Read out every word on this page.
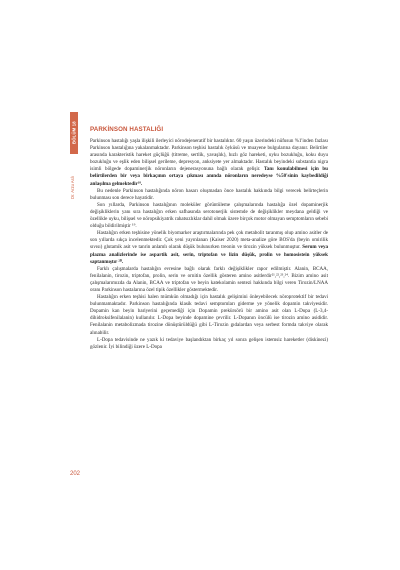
BÖLÜM 18
Dr. Arzu Aslı
PARKİNSON HASTALIĞI

Parkinson hastalığı yaşla ilişkili ilerleyici nörodejeneratif bir hastalıktır. 60 yaşın üzerindeki nüfusun %1'inden fazlası Parkinson hastalığına yakalanmaktadır. Parkinson teşhisi hastalık öyküsü ve muayene bulgularına dayanır. Belirtiler arasında karakteristik hareket güçlüğü (titreme, sertlik, yavaşlık), hızlı göz hareketi, uyku bozukluğu, koku duyu bozukluğu ve eşlik eden bilişsel gerileme, depresyon, anksiyete yer almaktadır. Hastalık beyindeki substantia nigra isimli bölgede dopaminerjik nöronların dejenerasyonuna bağlı olarak gelişir. Tanı konulabilmesi için bu belirtilerden bir veya birkaçının ortaya çıkması anında nöronların neredeyse %50'sinin kaybedildiği anlaşılma gelmektedir¹⁸.

Bu nedenle Parkinson hastalığında nöron hasarı oluşmadan önce hastalık hakkında bilgi verecek belirteçlerin bulunması son derece hayatidir.

Son yıllarda, Parkinson hastalığının moleküler görüntüleme çalışmalarında hastalığa özel dopaminerjik değişikliklerin yanı sıra hastalığın erken safhasında serotonerjik sistemde de değişiklikler meydana geldiği ve özellikle uyku, bilişsel ve nöropsikiyatrik rahatsızlıklar dahil olmak üzere birçok motor olmayan semptomların sebebi olduğu bildirilmiştir ¹⁹.

Hastalığın erken teşhisine yönelik biyomarker araştırmalarında pek çok metabolit taranmış olup amino asitler de son yıllarda sıkça incelenmektedir. Çok yeni yayınlanan (Kaiser 2020) meta-analize göre BOS'da (beyin omirilik sıvısı) glutamik asit ve tanrin anlamlı olarak düşük bulunurken treonin ve tirozin yüksek bulunmuştur. Serum veya plazma analizlerinde ise aspartik asit, serin, triptofan ve lizin düşük, prolin ve homosistein yüksek saptanmıştır ²⁰.

Farklı çalışmalarda hastalığın evresine bağlı olarak farklı değişiklikler rapor edilmiştir. Alanin, BCAA, fenilalanin, tirozin, triptofan, prolin, serin ve ornitin özellik gösteren amino asitlerdir²¹,²²,²³,²⁴. Bizim amino asit çalışmalarımızda da Alanin, BCAA ve triptofan ve beyin katekolamin sentezi hakkında bilgi veren Tirozin/LNAA oranı Parkinson hastalarına özel tipik özellikler göstermektedir.

Hastalığın erken teşhisi halen mümkün olmadığı için hastalık gelişimini önleyebilecek nöroprotektif bir tedavi bulunmamaktadır. Parkinson hastalığında klasik tedavi semptomları giderme ye yönelik dopamin takviyesidir. Dopamin kan beyin bariyerini geçemediği için Dopamin prekürsörü bir amino asit olan L-Dopa (L-3,4-dihidroksifenilalanin) kullanılır. L-Dopa beyinde dopamine çevrilir. L-Dopanın öncülü ise tirozin amino asididir. Fenilalanin metabolizmada tirozine dönüştürüldüğü gibi L-Tirozin gıdalardan veya serbest formda takviye olarak alınabilir.

L-Dopa tedavisinde ne yazık ki tedaviye başlandıktan birkaç yıl sonra gelişen istemsiz hareketler (diskinezi) gözlenir. İyi bilindiği üzere L-Dopa

202
